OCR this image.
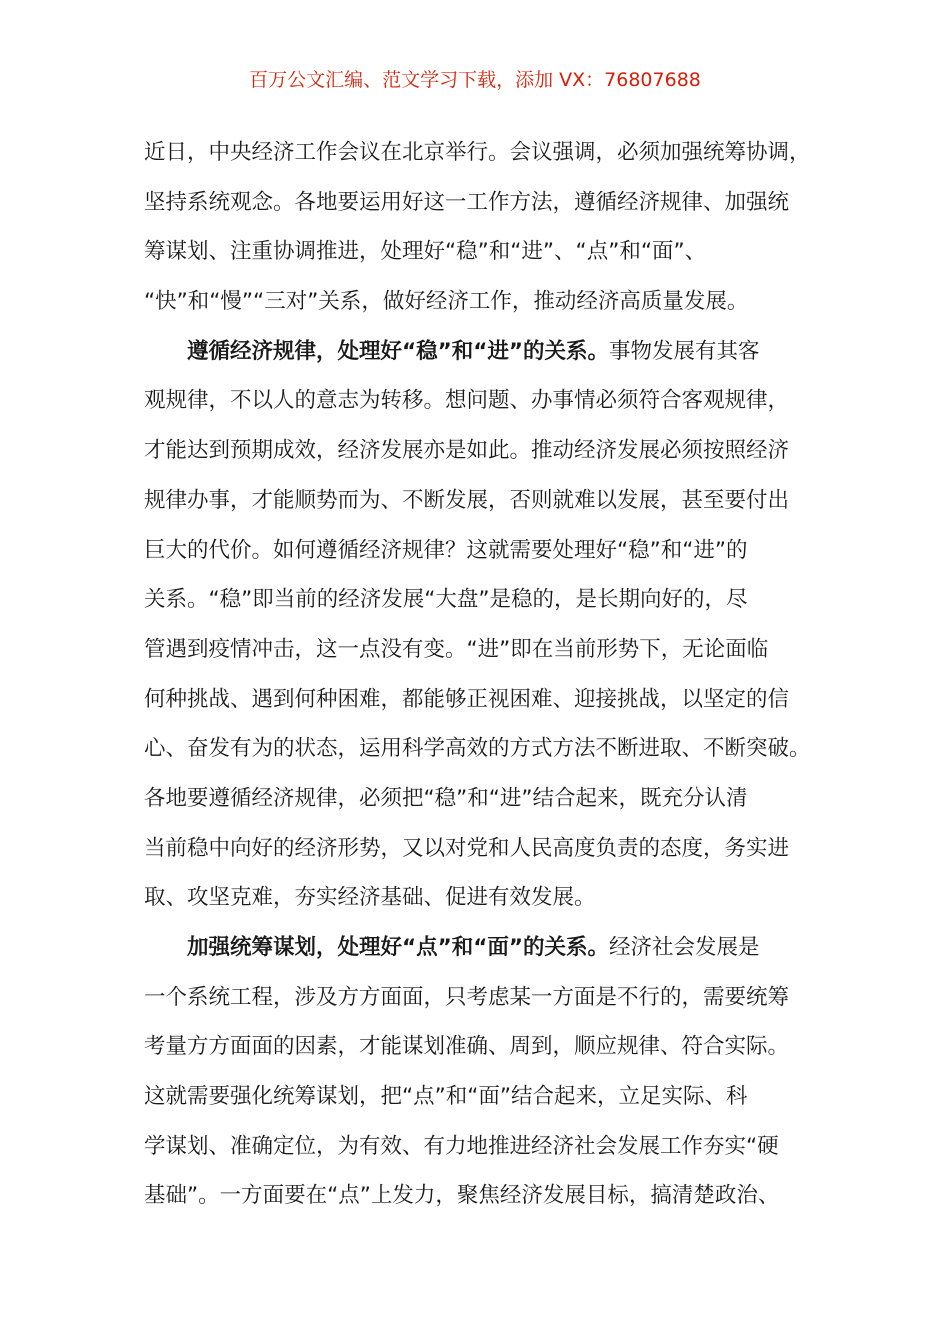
百万公文汇编、范文学习下载，添加 VX：76807688
近日，中央经济工作会议在北京举行。会议强调，必须加强统筹协调，
坚持系统观念。各地要运用好这一工作方法，遵循经济规律、加强统
筹谋划、注重协调推进，处理好“稳”和“进”、“点”和“面”、
“快”和“慢”“三对”关系，做好经济工作，推动经济高质量发展。
遵循经济规律，处理好“稳”和“进”的关系。事物发展有其客
观规律，不以人的意志为转移。想问题、办事情必须符合客观规律，
才能达到预期成效，经济发展亦是如此。推动经济发展必须按照经济
规律办事，才能顺势而为、不断发展，否则就难以发展，甚至要付出
巨大的代价。如何遵循经济规律？这就需要处理好“稳”和“进”的
关系。“稳”即当前的经济发展“大盘”是稳的，是长期向好的，尽
管遇到疫情冲击，这一点没有变。“进”即在当前形势下，无论面临
何种挑战、遇到何种困难，都能够正视困难、迎接挑战，以坚定的信
心、奋发有为的状态，运用科学高效的方式方法不断进取、不断突破。
各地要遵循经济规律，必须把“稳”和“进”结合起来，既充分认清
当前稳中向好的经济形势，又以对党和人民高度负责的态度，务实进
取、攻坚克难，夯实经济基础、促进有效发展。
加强统筹谋划，处理好“点”和“面”的关系。经济社会发展是
一个系统工程，涉及方方面面，只考虑某一方面是不行的，需要统筹
考量方方面面的因素，才能谋划准确、周到，顺应规律、符合实际。
这就需要强化统筹谋划，把“点”和“面”结合起来，立足实际、科
学谋划、准确定位，为有效、有力地推进经济社会发展工作夯实“硬
基础”。一方面要在“点”上发力，聚焦经济发展目标，搞清楚政治、
